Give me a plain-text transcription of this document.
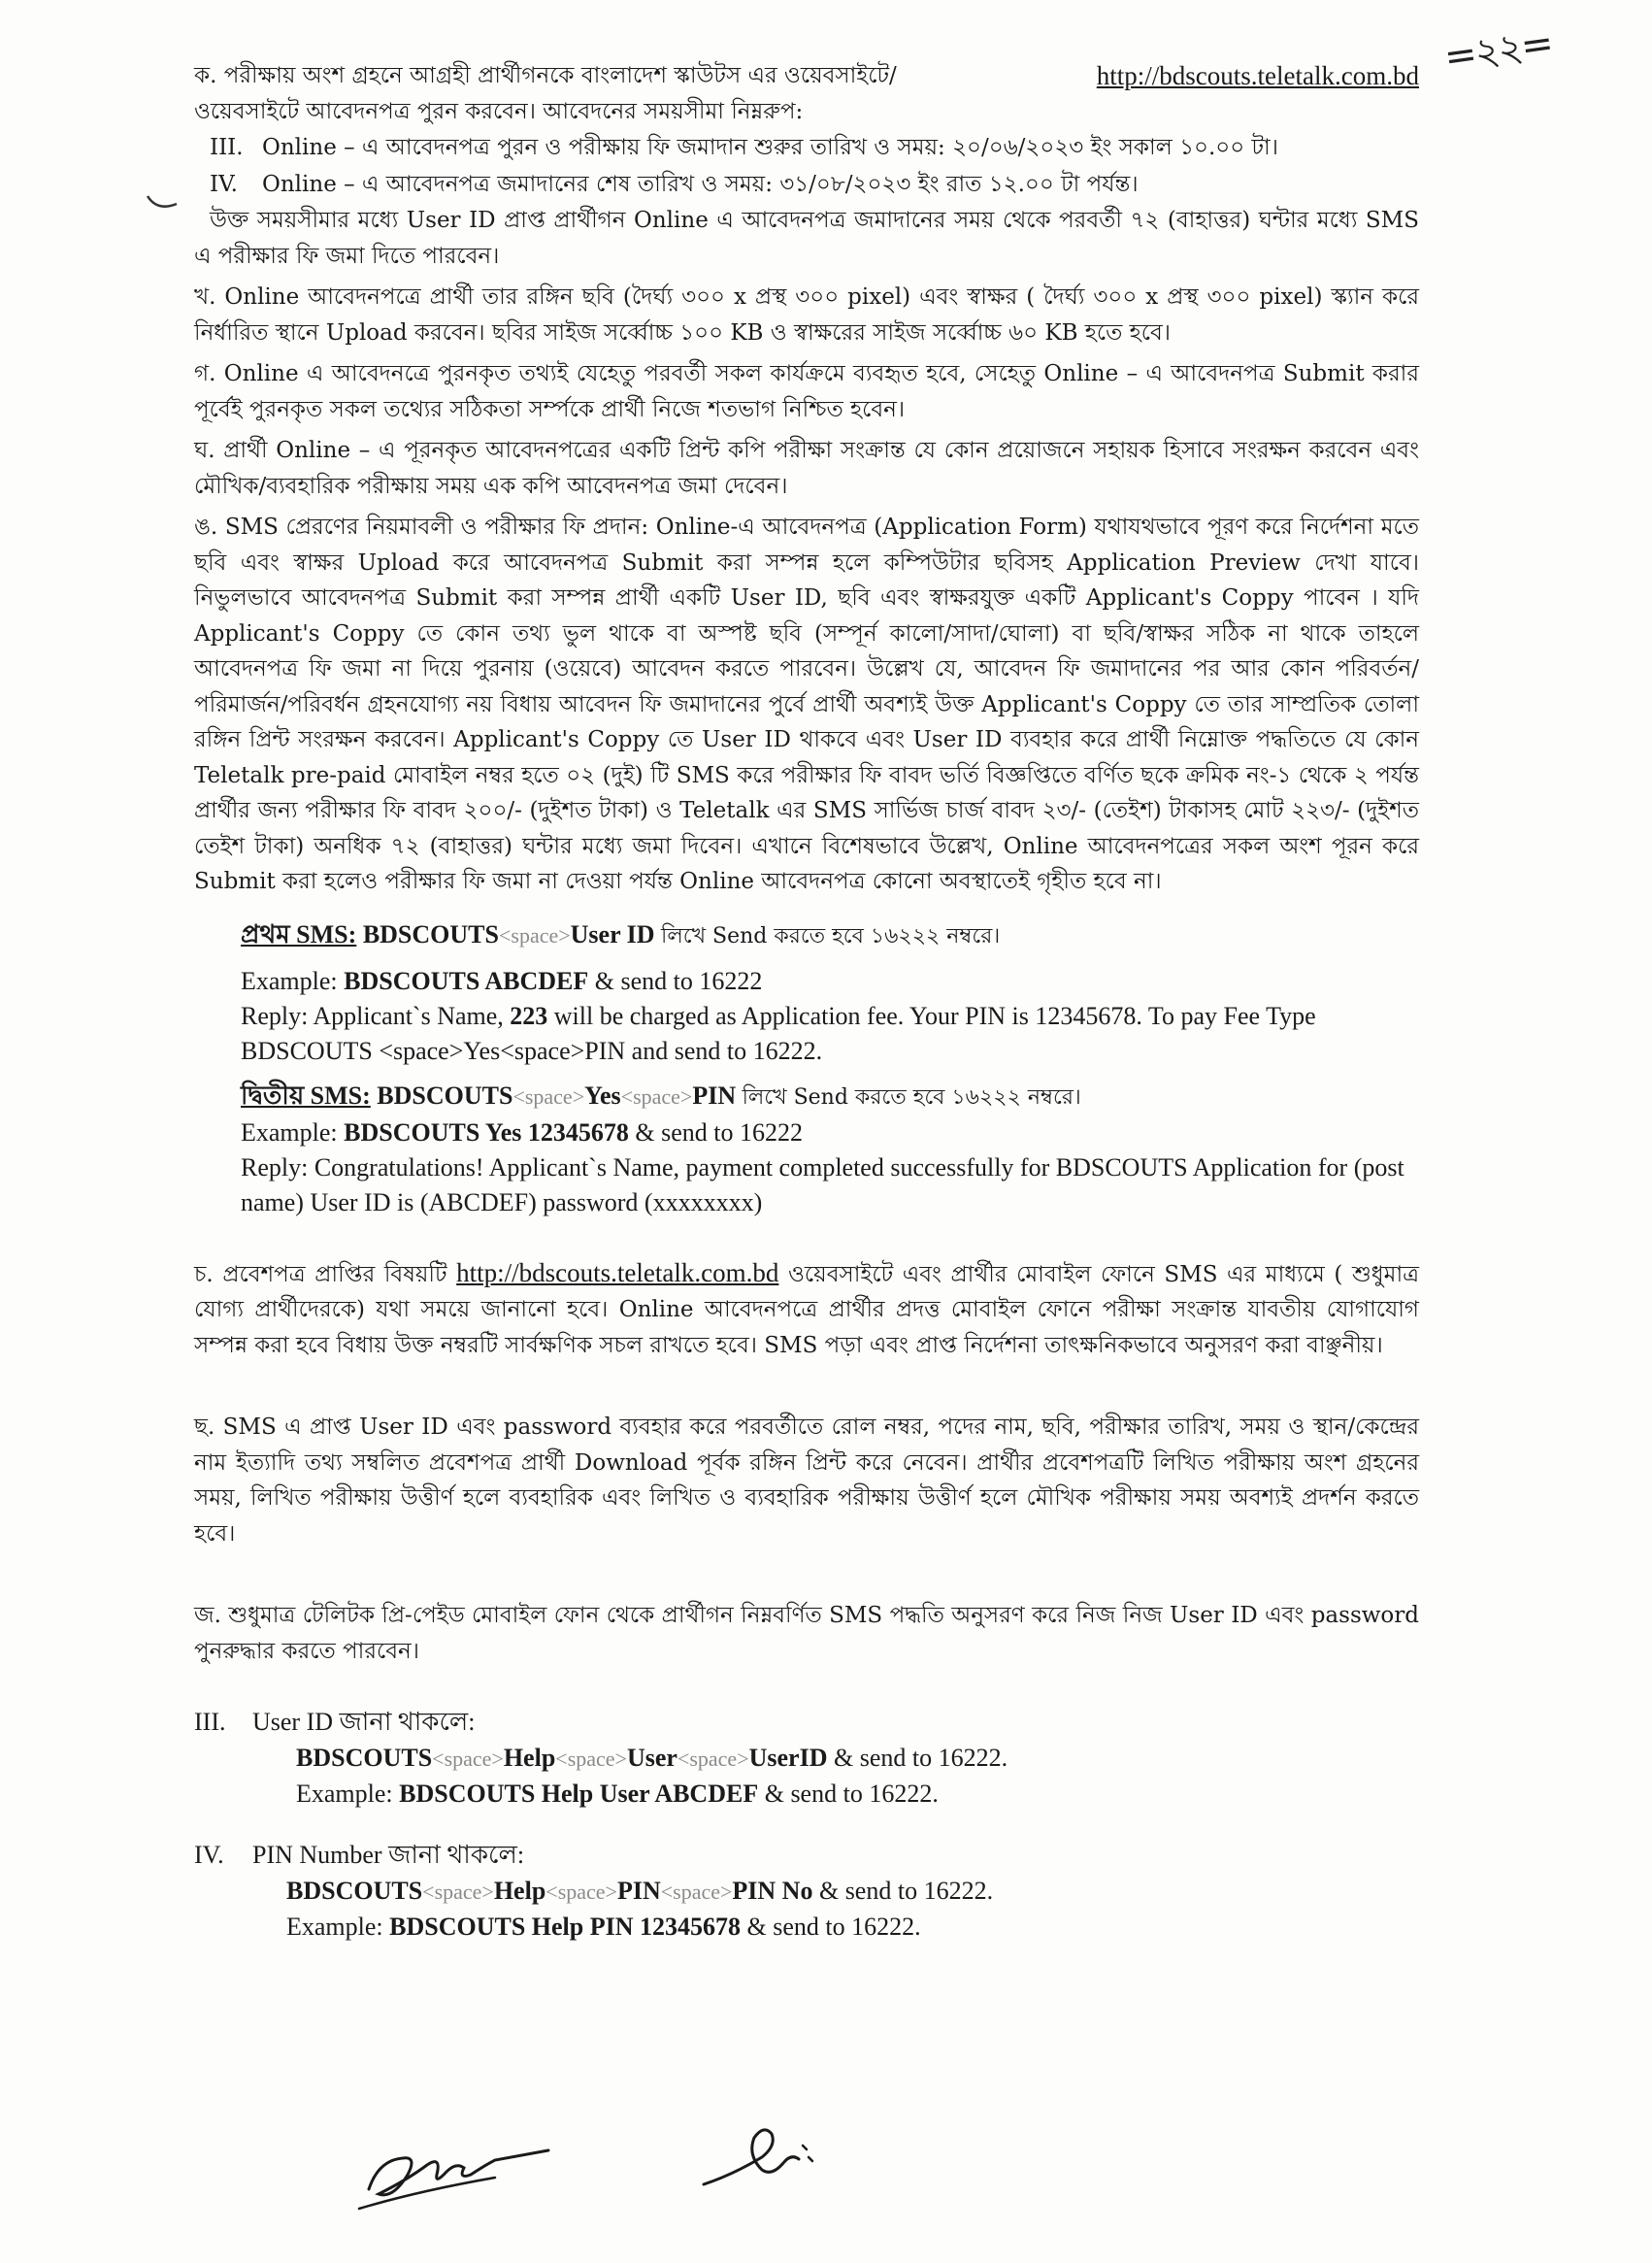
=২২=

ক. পরীক্ষায় অংশ গ্রহনে আগ্রহী প্রার্থীগনকে বাংলাদেশ স্কাউটস এর ওয়েবসাইটে/	http://bdscouts.teletalk.com.bd

ওয়েবসাইটে আবেদনপত্র পুরন করবেন। আবেদনের সময়সীমা নিম্নরুপ:

III. Online – এ আবেদনপত্র পুরন ও পরীক্ষায় ফি জমাদান শুরুর তারিখ ও সময়: ২০/০৬/২০২৩ ইং সকাল ১০.০০ টা।

IV. Online – এ আবেদনপত্র জমাদানের শেষ তারিখ ও সময়: ৩১/০৮/২০২৩ ইং রাত ১২.০০ টা পর্যন্ত।

উক্ত সময়সীমার মধ্যে User ID প্রাপ্ত প্রার্থীগন Online এ আবেদনপত্র জমাদানের সময় থেকে পরবর্তী ৭২ (বাহাত্তর) ঘন্টার মধ্যে SMS এ পরীক্ষার ফি জমা দিতে পারবেন।

খ. Online আবেদনপত্রে প্রার্থী তার রঙ্গিন ছবি (দৈর্ঘ্য ৩০০ x প্রস্থ ৩০০ pixel) এবং স্বাক্ষর ( দৈর্ঘ্য ৩০০ x প্রস্থ ৩০০ pixel) স্ক্যান করে নির্ধারিত স্থানে Upload করবেন। ছবির সাইজ সর্ব্বোচ্চ ১০০ KB ও স্বাক্ষরের সাইজ সর্ব্বোচ্চ ৬০ KB হতে হবে।

গ. Online এ আবেদনত্রে পুরনকৃত তথ্যই যেহেতু পরবর্তী সকল কার্যক্রমে ব্যবহৃত হবে, সেহেতু Online – এ আবেদনপত্র Submit করার পূর্বেই পুরনকৃত সকল তথ্যের সঠিকতা সর্ম্পকে প্রার্থী নিজে শতভাগ নিশ্চিত হবেন।

ঘ. প্রার্থী Online – এ পূরনকৃত আবেদনপত্রের একটি প্রিন্ট কপি পরীক্ষা সংক্রান্ত যে কোন প্রয়োজনে সহায়ক হিসাবে সংরক্ষন করবেন এবং মৌখিক/ব্যবহারিক পরীক্ষায় সময় এক কপি আবেদনপত্র জমা দেবেন।

ঙ. SMS প্রেরণের নিয়মাবলী ও পরীক্ষার ফি প্রদান: Online-এ আবেদনপত্র (Application Form) যথাযথভাবে পূরণ করে নির্দেশনা মতে ছবি এবং স্বাক্ষর Upload করে আবেদনপত্র Submit করা সম্পন্ন হলে কম্পিউটার ছবিসহ Application Preview দেখা যাবে। নিভুলভাবে আবেদনপত্র Submit করা সম্পন্ন প্রার্থী একটি User ID, ছবি এবং স্বাক্ষরযুক্ত একটি Applicant's Coppy পাবেন । যদি Applicant's Coppy তে কোন তথ্য ভুল থাকে বা অস্পষ্ট ছবি (সম্পূর্ন কালো/সাদা/ঘোলা) বা ছবি/স্বাক্ষর সঠিক না থাকে তাহলে আবেদনপত্র ফি জমা না দিয়ে পুরনায় (ওয়েবে) আবেদন করতে পারবেন। উল্লেখ যে, আবেদন ফি জমাদানের পর আর কোন পরিবর্তন/পরিমার্জন/পরিবর্ধন গ্রহনযোগ্য নয় বিধায় আবেদন ফি জমাদানের পুর্বে প্রার্থী অবশ্যই উক্ত Applicant's Coppy তে তার সাম্প্রতিক তোলা রঙ্গিন প্রিন্ট সংরক্ষন করবেন। Applicant's Coppy তে User ID থাকবে এবং User ID ব্যবহার করে প্রার্থী নিম্নোক্ত পদ্ধতিতে যে কোন Teletalk pre-paid মোবাইল নম্বর হতে ০২ (দুই) টি SMS করে পরীক্ষার ফি বাবদ ভর্তি বিজ্ঞপ্তিতে বর্ণিত ছকে ক্রমিক নং-১ থেকে ২ পর্যন্ত প্রার্থীর জন্য পরীক্ষার ফি বাবদ ২০০/- (দুইশত টাকা) ও Teletalk এর SMS সার্ভিজ চার্জ বাবদ ২৩/- (তেইশ) টাকাসহ মোট ২২৩/- (দুইশত তেইশ টাকা) অনধিক ৭২ (বাহাত্তর) ঘন্টার মধ্যে জমা দিবেন। এখানে বিশেষভাবে উল্লেখ, Online আবেদনপত্রের সকল অংশ পূরন করে Submit করা হলেও পরীক্ষার ফি জমা না দেওয়া পর্যন্ত Online আবেদনপত্র কোনো অবস্থাতেই গৃহীত হবে না।

প্রথম SMS: BDSCOUTS<space>User ID লিখে Send করতে হবে ১৬২২২ নম্বরে।

Example: BDSCOUTS ABCDEF & send to 16222

Reply: Applicant`s Name, 223 will be charged as Application fee. Your PIN is 12345678. To pay Fee Type BDSCOUTS <space>Yes<space>PIN and send to 16222.

দ্বিতীয় SMS: BDSCOUTS<space>Yes<space>PIN লিখে Send করতে হবে ১৬২২২ নম্বরে।

Example: BDSCOUTS Yes 12345678 & send to 16222

Reply: Congratulations! Applicant`s Name, payment completed successfully for BDSCOUTS Application for (post name) User ID is (ABCDEF) password (xxxxxxxx)

চ. প্রবেশপত্র প্রাপ্তির বিষয়টি http://bdscouts.teletalk.com.bd ওয়েবসাইটে এবং প্রার্থীর মোবাইল ফোনে SMS এর মাধ্যমে ( শুধুমাত্র যোগ্য প্রার্থীদেরকে) যথা সময়ে জানানো হবে। Online আবেদনপত্রে প্রার্থীর প্রদত্ত মোবাইল ফোনে পরীক্ষা সংক্রান্ত যাবতীয় যোগাযোগ সম্পন্ন করা হবে বিধায় উক্ত নম্বরটি সার্বক্ষণিক সচল রাখতে হবে। SMS পড়া এবং প্রাপ্ত নির্দেশনা তাৎক্ষনিকভাবে অনুসরণ করা বাঞ্ছনীয়।

ছ. SMS এ প্রাপ্ত User ID এবং password ব্যবহার করে পরবর্তীতে রোল নম্বর, পদের নাম, ছবি, পরীক্ষার তারিখ, সময় ও স্থান/কেন্দ্রের নাম ইত্যাদি তথ্য সম্বলিত প্রবেশপত্র প্রার্থী Download পূর্বক রঙ্গিন প্রিন্ট করে নেবেন। প্রার্থীর প্রবেশপত্রটি লিখিত পরীক্ষায় অংশ গ্রহনের সময়, লিখিত পরীক্ষায় উত্তীর্ণ হলে ব্যবহারিক এবং লিখিত ও ব্যবহারিক পরীক্ষায় উত্তীর্ণ হলে মৌখিক পরীক্ষায় সময় অবশ্যই প্রদর্শন করতে হবে।

জ. শুধুমাত্র টেলিটক প্রি-পেইড মোবাইল ফোন থেকে প্রার্থীগন নিম্নবর্ণিত SMS পদ্ধতি অনুসরণ করে নিজ নিজ User ID এবং password পুনরুদ্ধার করতে পারবেন।

III. User ID জানা থাকলে:

BDSCOUTS<space>Help<space>User<space>UserID & send to 16222.

Example: BDSCOUTS Help User ABCDEF & send to 16222.

IV. PIN Number জানা থাকলে:

BDSCOUTS<space>Help<space>PIN<space>PIN No & send to 16222.

Example: BDSCOUTS Help PIN 12345678 & send to 16222.
